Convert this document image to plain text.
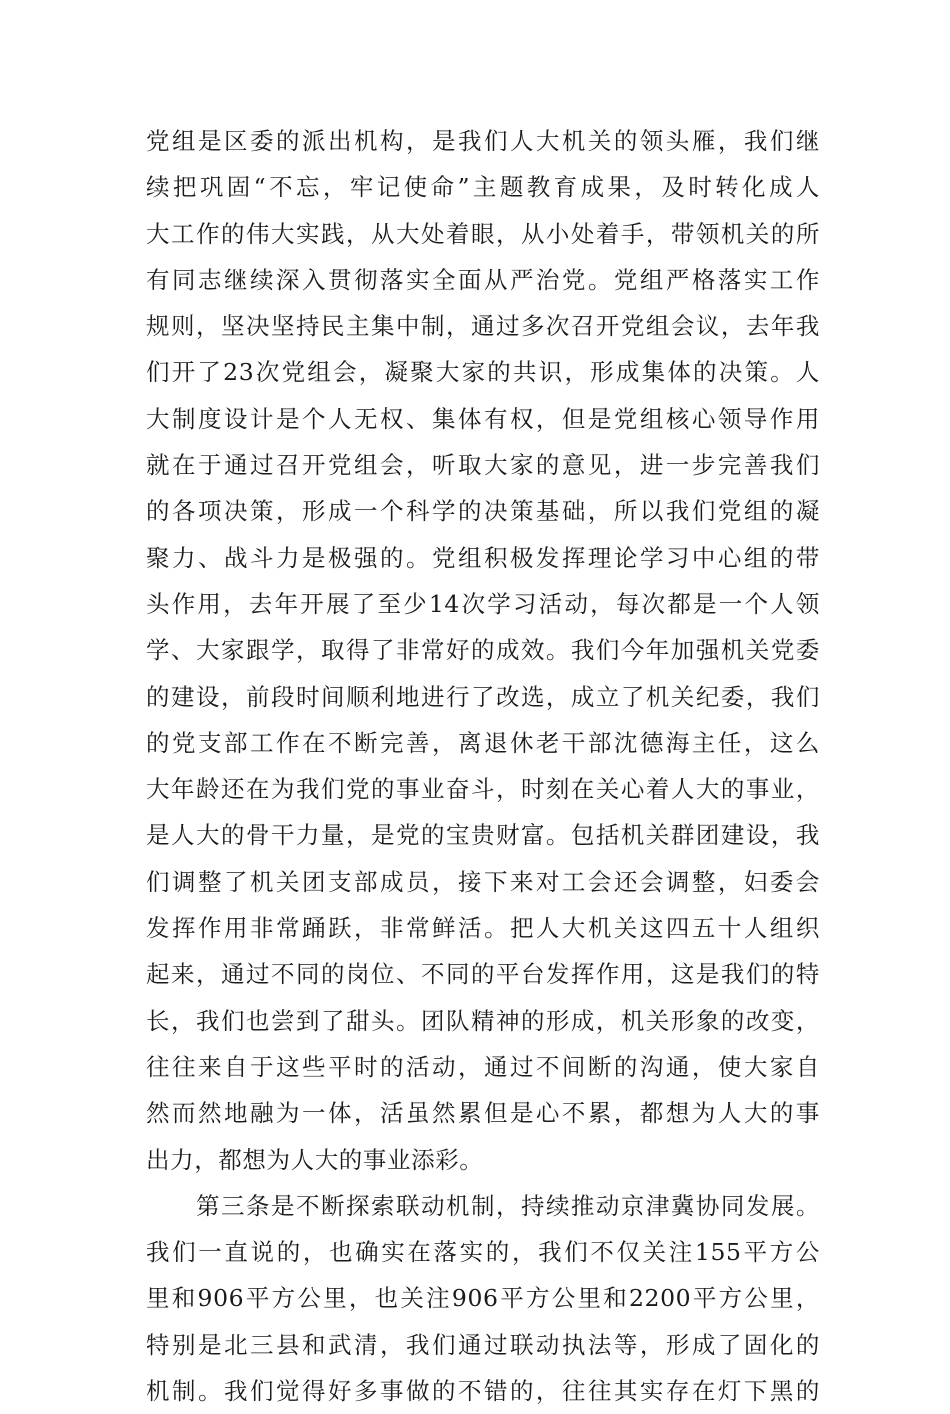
党组是区委的派出机构，是我们人大机关的领头雁，我们继
续把巩固“不忘，牢记使命”主题教育成果，及时转化成人
大工作的伟大实践，从大处着眼，从小处着手，带领机关的所
有同志继续深入贯彻落实全面从严治党。党组严格落实工作
规则，坚决坚持民主集中制，通过多次召开党组会议，去年我
们开了23次党组会，凝聚大家的共识，形成集体的决策。人
大制度设计是个人无权、集体有权，但是党组核心领导作用
就在于通过召开党组会，听取大家的意见，进一步完善我们
的各项决策，形成一个科学的决策基础，所以我们党组的凝
聚力、战斗力是极强的。党组积极发挥理论学习中心组的带
头作用，去年开展了至少14次学习活动，每次都是一个人领
学、大家跟学，取得了非常好的成效。我们今年加强机关党委
的建设，前段时间顺利地进行了改选，成立了机关纪委，我们
的党支部工作在不断完善，离退休老干部沈德海主任，这么
大年龄还在为我们党的事业奋斗，时刻在关心着人大的事业，
是人大的骨干力量，是党的宝贵财富。包括机关群团建设，我
们调整了机关团支部成员，接下来对工会还会调整，妇委会
发挥作用非常踊跃，非常鲜活。把人大机关这四五十人组织
起来，通过不同的岗位、不同的平台发挥作用，这是我们的特
长，我们也尝到了甜头。团队精神的形成，机关形象的改变，
往往来自于这些平时的活动，通过不间断的沟通，使大家自
然而然地融为一体，活虽然累但是心不累，都想为人大的事
出力，都想为人大的事业添彩。
第三条是不断探索联动机制，持续推动京津冀协同发展。
我们一直说的，也确实在落实的，我们不仅关注155平方公
里和906平方公里，也关注906平方公里和2200平方公里，
特别是北三县和武清，我们通过联动执法等，形成了固化的
机制。我们觉得好多事做的不错的，往往其实存在灯下黑的
